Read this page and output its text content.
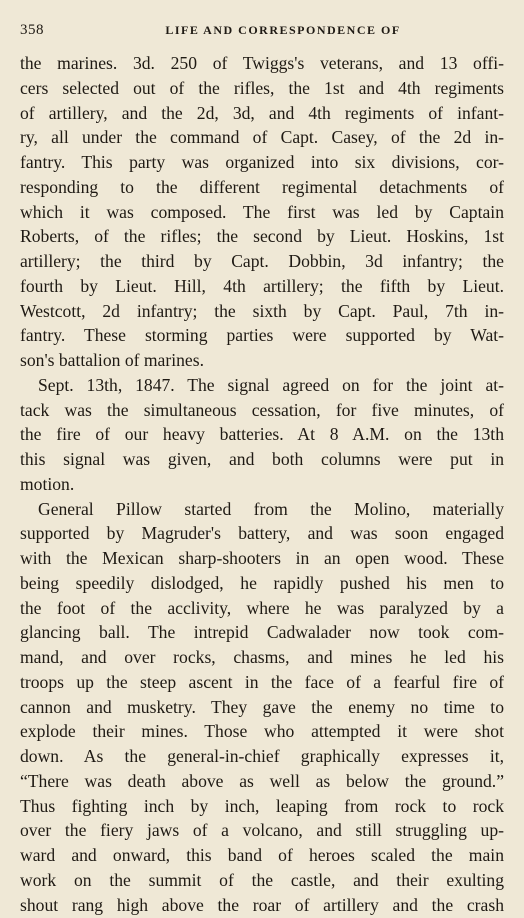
358	LIFE AND CORRESPONDENCE OF
the marines. 3d. 250 of Twiggs's veterans, and 13 offi-
cers selected out of the rifles, the 1st and 4th regiments
of artillery, and the 2d, 3d, and 4th regiments of infant-
ry, all under the command of Capt. Casey, of the 2d in-
fantry. This party was organized into six divisions, cor-
responding to the different regimental detachments of
which it was composed. The first was led by Captain
Roberts, of the rifles; the second by Lieut. Hoskins, 1st
artillery; the third by Capt. Dobbin, 3d infantry; the
fourth by Lieut. Hill, 4th artillery; the fifth by Lieut.
Westcott, 2d infantry; the sixth by Capt. Paul, 7th in-
fantry. These storming parties were supported by Wat-
son's battalion of marines.
Sept. 13th, 1847. The signal agreed on for the joint at-
tack was the simultaneous cessation, for five minutes, of
the fire of our heavy batteries. At 8 A.M. on the 13th
this signal was given, and both columns were put in
motion.
General Pillow started from the Molino, materially
supported by Magruder's battery, and was soon engaged
with the Mexican sharp-shooters in an open wood. These
being speedily dislodged, he rapidly pushed his men to
the foot of the acclivity, where he was paralyzed by a
glancing ball. The intrepid Cadwalader now took com-
mand, and over rocks, chasms, and mines he led his
troops up the steep ascent in the face of a fearful fire of
cannon and musketry. They gave the enemy no time to
explode their mines. Those who attempted it were shot
down. As the general-in-chief graphically expresses it,
“There was death above as well as below the ground.”
Thus fighting inch by inch, leaping from rock to rock
over the fiery jaws of a volcano, and still struggling up-
ward and onward, this band of heroes scaled the main
work on the summit of the castle, and their exulting
shout rang high above the roar of artillery and the crash
